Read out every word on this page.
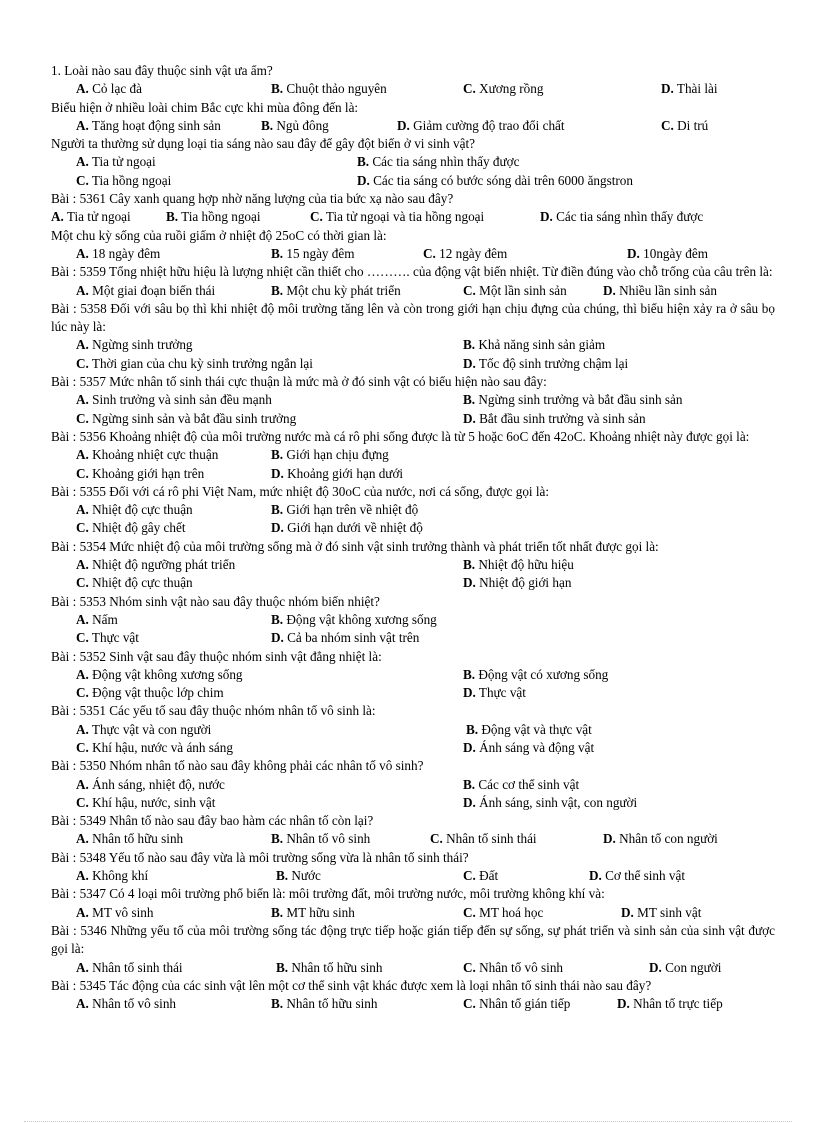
1. Loài nào sau đây thuộc sinh vật ưa ẩm?
A. Cỏ lạc đà	B. Chuột thảo nguyên	C. Xương rồng	D. Thài lài
Biểu hiện ở nhiều loài chim Bắc cực khi mùa đông đến là:
A. Tăng hoạt động sinh sản	B. Ngủ đông	D. Giảm cường độ trao đổi chất	C. Di trú
Người ta thường sử dụng loại tia sáng nào sau đây để gây đột biến ở vi sinh vật?
A. Tia tử ngoại	B. Các tia sáng nhìn thấy được
C. Tia hồng ngoại	D. Các tia sáng có bước sóng dài trên 6000 ăngstron
Bài : 5361 Cây xanh quang hợp nhờ năng lượng của tia bức xạ nào sau đây?
A. Tia tử ngoại	B. Tia hồng ngoại	C. Tia tử ngoại và tia hồng ngoại	D. Các tia sáng nhìn thấy được
Một chu kỳ sống của ruồi giấm ở nhiệt độ 25oC có thời gian là:
A. 18 ngày đêm	B. 15 ngày đêm	C. 12 ngày đêm	D. 10ngày đêm
Bài : 5359 Tổng nhiệt hữu hiệu là lượng nhiệt cần thiết cho ………. của động vật biến nhiệt. Từ điền đúng vào chỗ trống của câu trên là:
A. Một giai đoạn biến thái	B. Một chu kỳ phát triển	C. Một lần sinh sản	D. Nhiều lần sinh sản
Bài : 5358 Đối với sâu bọ thì khi nhiệt độ môi trường tăng lên và còn trong giới hạn chịu đựng của chúng, thì biểu hiện xảy ra ở sâu bọ lúc này là:
A. Ngừng sinh trưởng	B. Khả năng sinh sản giảm
C. Thời gian của chu kỳ sinh trưởng ngắn lại	D. Tốc độ sinh trưởng chậm lại
Bài : 5357 Mức nhân tố sinh thái cực thuận là mức mà ở đó sinh vật có biểu hiện nào sau đây:
A. Sinh trưởng và sinh sản đều mạnh	B. Ngừng sinh trưởng và bắt đầu sinh sản
C. Ngừng sinh sản và bắt đầu sinh trưởng	D. Bắt đầu sinh trưởng và sinh sản
Bài : 5356 Khoảng nhiệt độ của môi trường nước mà cá rô phi sống được là từ 5 hoặc 6oC đến 42oC. Khoảng nhiệt này được gọi là:
A. Khoảng nhiệt cực thuận	B. Giới hạn chịu đựng
C. Khoảng giới hạn trên	D. Khoảng giới hạn dưới
Bài : 5355 Đối với cá rô phi Việt Nam, mức nhiệt độ 30oC của nước, nơi cá sống, được gọi là:
A. Nhiệt độ cực thuận	B. Giới hạn trên về nhiệt độ
C. Nhiệt độ gây chết	D. Giới hạn dưới về nhiệt độ
Bài : 5354 Mức nhiệt độ của môi trường sống mà ở đó sinh vật sinh trưởng thành và phát triển tốt nhất được gọi là:
A. Nhiệt độ ngưỡng phát triển	B. Nhiệt độ hữu hiệu
C. Nhiệt độ cực thuận	D. Nhiệt độ giới hạn
Bài : 5353 Nhóm sinh vật nào sau đây thuộc nhóm biến nhiệt?
A. Nấm	B. Động vật không xương sống
C. Thực vật	D. Cả ba nhóm sinh vật trên
Bài : 5352 Sinh vật sau đây thuộc nhóm sinh vật đẳng nhiệt là:
A. Động vật không xương sống	B. Động vật có xương sống
C. Động vật thuộc lớp chim	D. Thực vật
Bài : 5351 Các yếu tố sau đây thuộc nhóm nhân tố vô sinh là:
A. Thực vật và con người	B. Động vật và thực vật
C. Khí hậu, nước và ánh sáng	D. Ánh sáng và động vật
Bài : 5350 Nhóm nhân tố nào sau đây không phải các nhân tố vô sinh?
A. Ánh sáng, nhiệt độ, nước	B. Các cơ thể sinh vật
C. Khí hậu, nước, sinh vật	D. Ánh sáng, sinh vật, con người
Bài : 5349 Nhân tố nào sau đây bao hàm các nhân tố còn lại?
A. Nhân tố hữu sinh	B. Nhân tố vô sinh	C. Nhân tố sinh thái	D. Nhân tố con người
Bài : 5348 Yếu tố nào sau đây vừa là môi trường sống vừa là nhân tố sinh thái?
A. Không khí	B. Nước	C. Đất	D. Cơ thể sinh vật
Bài : 5347 Có 4 loại môi trường phổ biến là: môi trường đất, môi trường nước, môi trường không khí và:
A. MT vô sinh	B. MT hữu sinh	C. MT hoá học	D. MT sinh vật
Bài : 5346 Những yếu tố của môi trường sống tác động trực tiếp hoặc gián tiếp đến sự sống, sự phát triển và sinh sản của sinh vật được gọi là:
A. Nhân tố sinh thái	B. Nhân tố hữu sinh	C. Nhân tố vô sinh	D. Con người
Bài : 5345 Tác động của các sinh vật lên một cơ thể sinh vật khác được xem là loại nhân tố sinh thái nào sau đây?
A. Nhân tố vô sinh	B. Nhân tố hữu sinh	C. Nhân tố gián tiếp	D. Nhân tố trực tiếp
